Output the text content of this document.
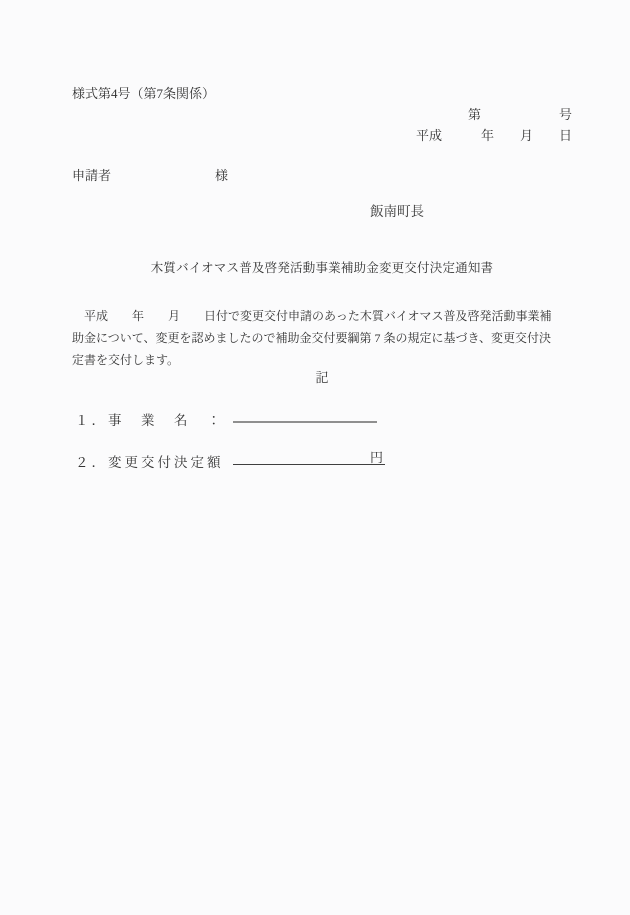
様式第4号（第7条関係）
第　　　　　　号
平成　　　年　　月　　日
申請者　　　　　　　　様
飯南町長
木質バイオマス普及啓発活動事業補助金変更交付決定通知書
　平成　　年　　月　　日付で変更交付申請のあった木質バイオマス普及啓発活動事業補
助金について、変更を認めましたので補助金交付要綱第 7 条の規定に基づき、変更交付決
定書を交付します。
記
１．事　業　名　：
２．変更交付決定額	円
